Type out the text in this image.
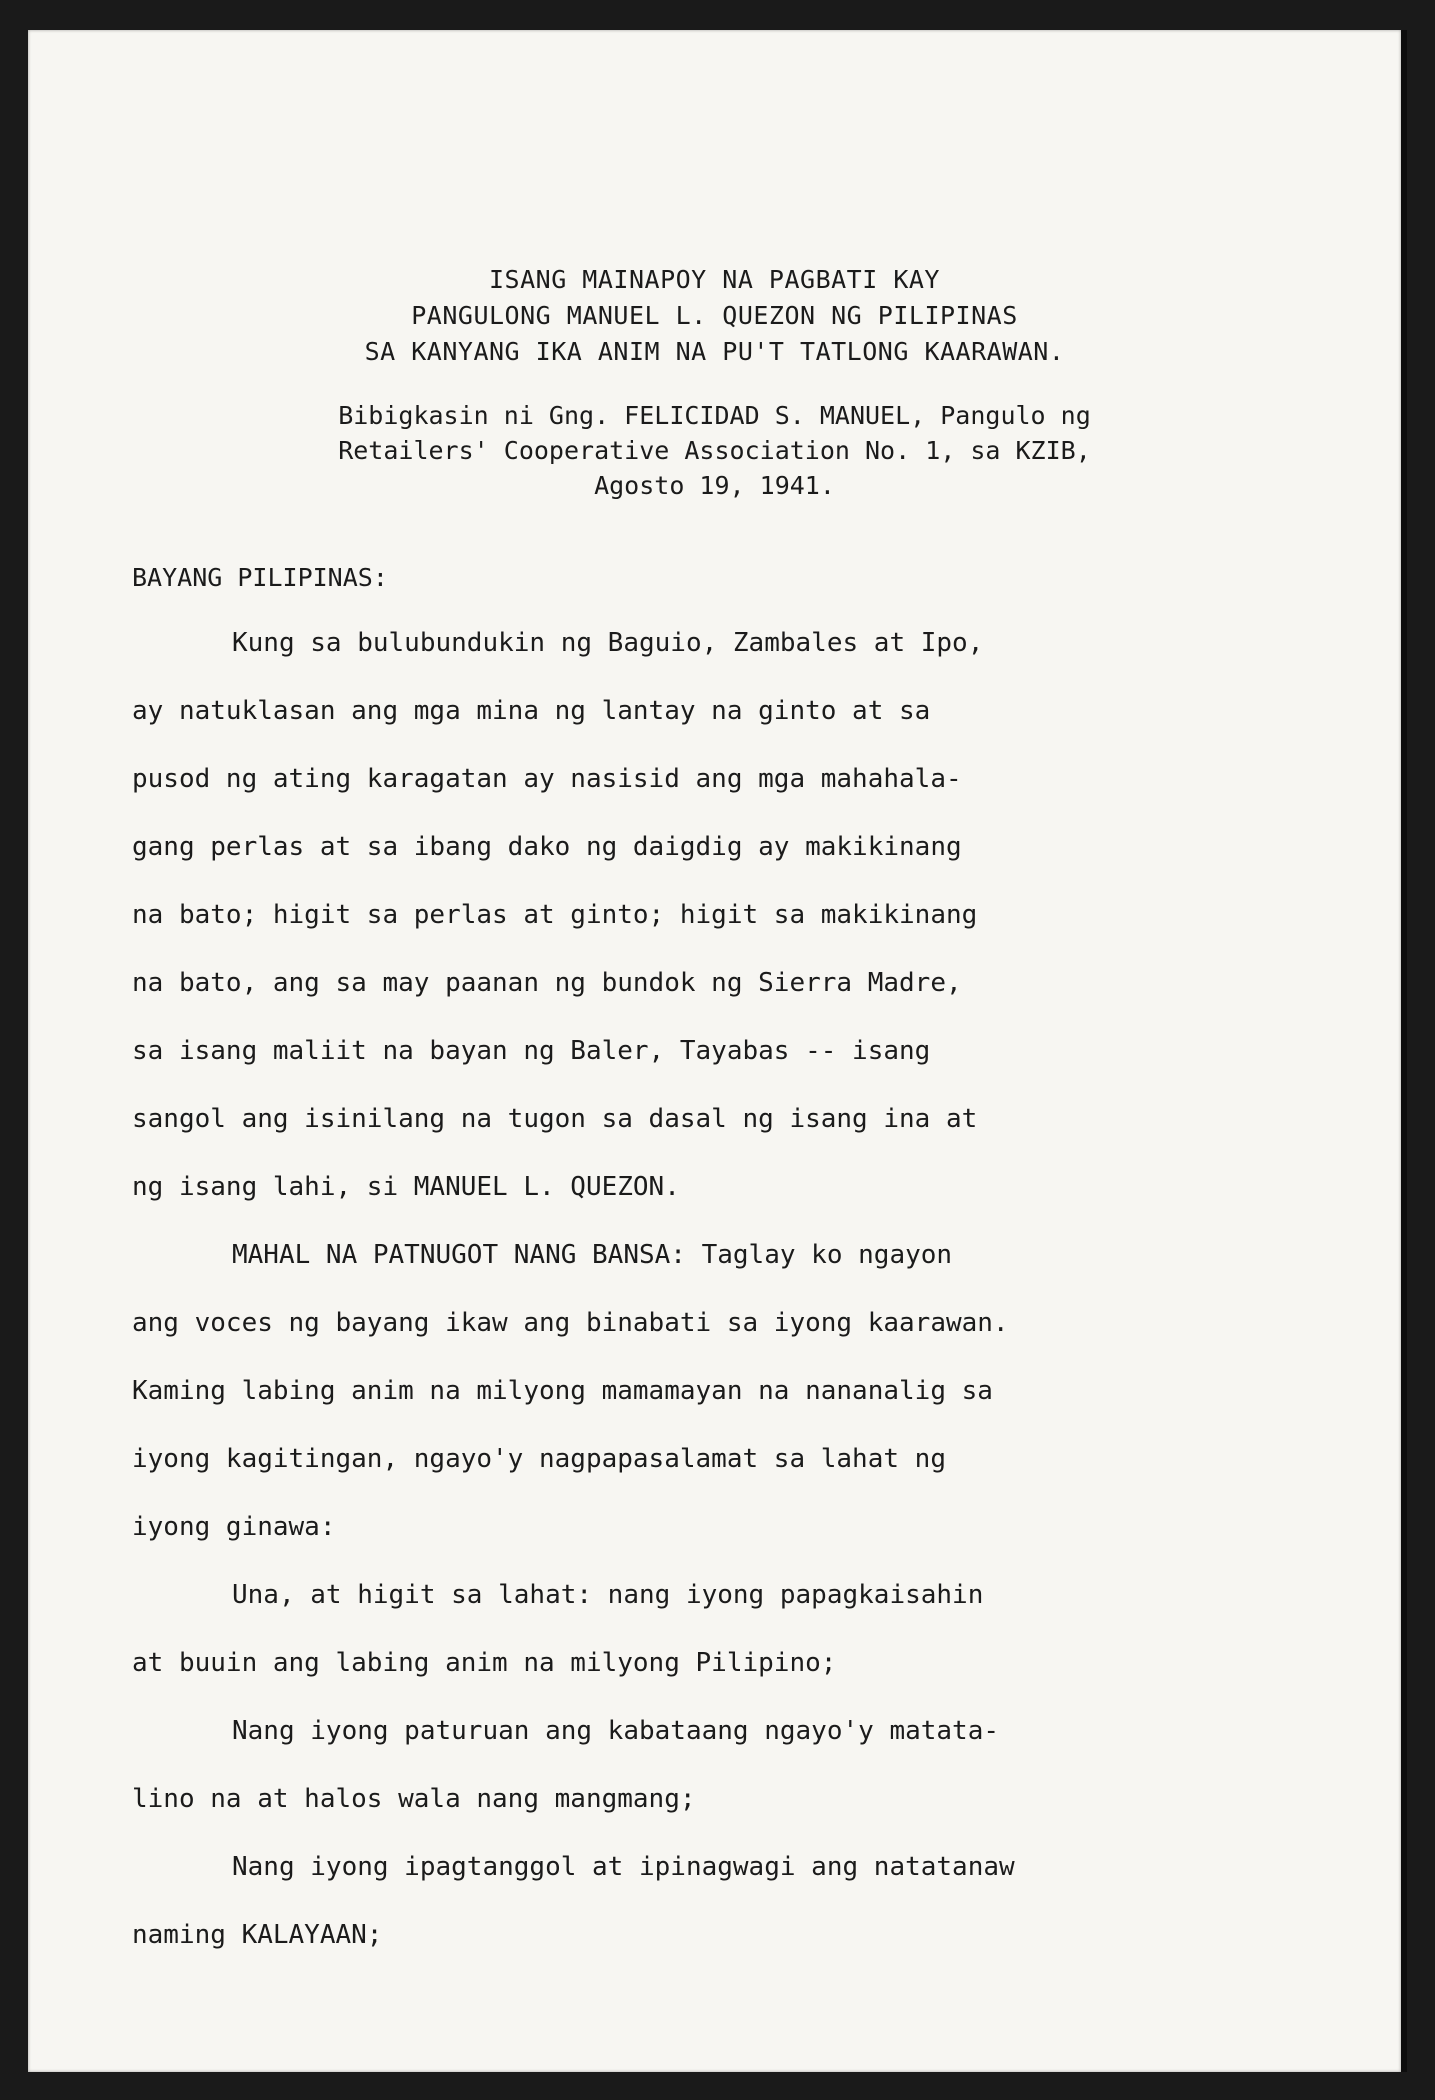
ISANG MAINAPOY NA PAGBATI KAY
PANGULONG MANUEL L. QUEZON NG PILIPINAS
SA KANYANG IKA ANIM NA PU'T TATLONG KAARAWAN.
Bibigkasin ni Gng. FELICIDAD S. MANUEL, Pangulo ng
Retailers' Cooperative Association No. 1, sa KZIB,
Agosto 19, 1941.
BAYANG PILIPINAS:
Kung sa bulubundukin ng Baguio, Zambales at Ipo,
ay natuklasan ang mga mina ng lantay na ginto at sa
pusod ng ating karagatan ay nasisid ang mga mahahala-
gang perlas at sa ibang dako ng daigdig ay makikinang
na bato; higit sa perlas at ginto; higit sa makikinang
na bato, ang sa may paanan ng bundok ng Sierra Madre,
sa isang maliit na bayan ng Baler, Tayabas -- isang
sangol ang isinilang na tugon sa dasal ng isang ina at
ng isang lahi, si MANUEL L. QUEZON.
MAHAL NA PATNUGOT NANG BANSA: Taglay ko ngayon
ang voces ng bayang ikaw ang binabati sa iyong kaarawan.
Kaming labing anim na milyong mamamayan na nananalig sa
iyong kagitingan, ngayo'y nagpapasalamat sa lahat ng
iyong ginawa:
Una, at higit sa lahat: nang iyong papagkaisahin
at buuin ang labing anim na milyong Pilipino;
Nang iyong paturuan ang kabataang ngayo'y matata-
lino na at halos wala nang mangmang;
Nang iyong ipagtanggol at ipinagwagi ang natatanaw
naming KALAYAAN;
